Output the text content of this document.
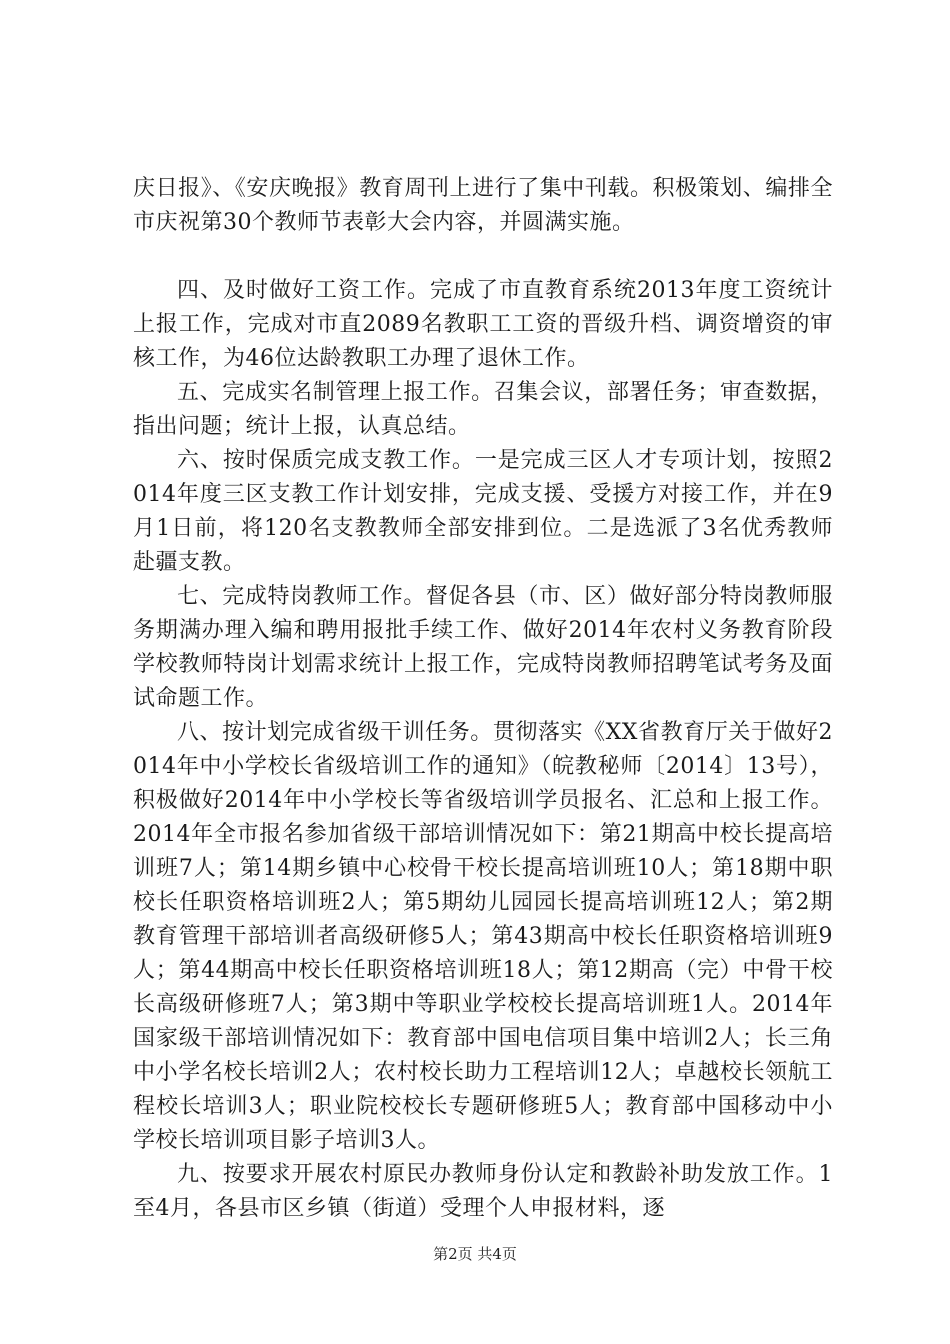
庆日报》、《安庆晚报》教育周刊上进行了集中刊载。积极策划、编排全市庆祝第30个教师节表彰大会内容，并圆满实施。

四、及时做好工资工作。完成了市直教育系统2013年度工资统计上报工作，完成对市直2089名教职工工资的晋级升档、调资增资的审核工作，为46位达龄教职工办理了退休工作。

五、完成实名制管理上报工作。召集会议，部署任务；审查数据，指出问题；统计上报，认真总结。

六、按时保质完成支教工作。一是完成三区人才专项计划，按照2014年度三区支教工作计划安排，完成支援、受援方对接工作，并在9月1日前，将120名支教教师全部安排到位。二是选派了3名优秀教师赴疆支教。

七、完成特岗教师工作。督促各县（市、区）做好部分特岗教师服务期满办理入编和聘用报批手续工作、做好2014年农村义务教育阶段学校教师特岗计划需求统计上报工作，完成特岗教师招聘笔试考务及面试命题工作。

八、按计划完成省级干训任务。贯彻落实《XX省教育厅关于做好2014年中小学校长省级培训工作的通知》（皖教秘师〔2014〕13号），积极做好2014年中小学校长等省级培训学员报名、汇总和上报工作。2014年全市报名参加省级干部培训情况如下：第21期高中校长提高培训班7人；第14期乡镇中心校骨干校长提高培训班10人；第18期中职校长任职资格培训班2人；第5期幼儿园园长提高培训班12人；第2期教育管理干部培训者高级研修5人；第43期高中校长任职资格培训班9人；第44期高中校长任职资格培训班18人；第12期高（完）中骨干校长高级研修班7人；第3期中等职业学校校长提高培训班1人。2014年国家级干部培训情况如下：教育部中国电信项目集中培训2人；长三角中小学名校长培训2人；农村校长助力工程培训12人；卓越校长领航工程校长培训3人；职业院校校长专题研修班5人；教育部中国移动中小学校长培训项目影子培训3人。

九、按要求开展农村原民办教师身份认定和教龄补助发放工作。1至4月，各县市区乡镇（街道）受理个人申报材料，逐

第2页 共4页
